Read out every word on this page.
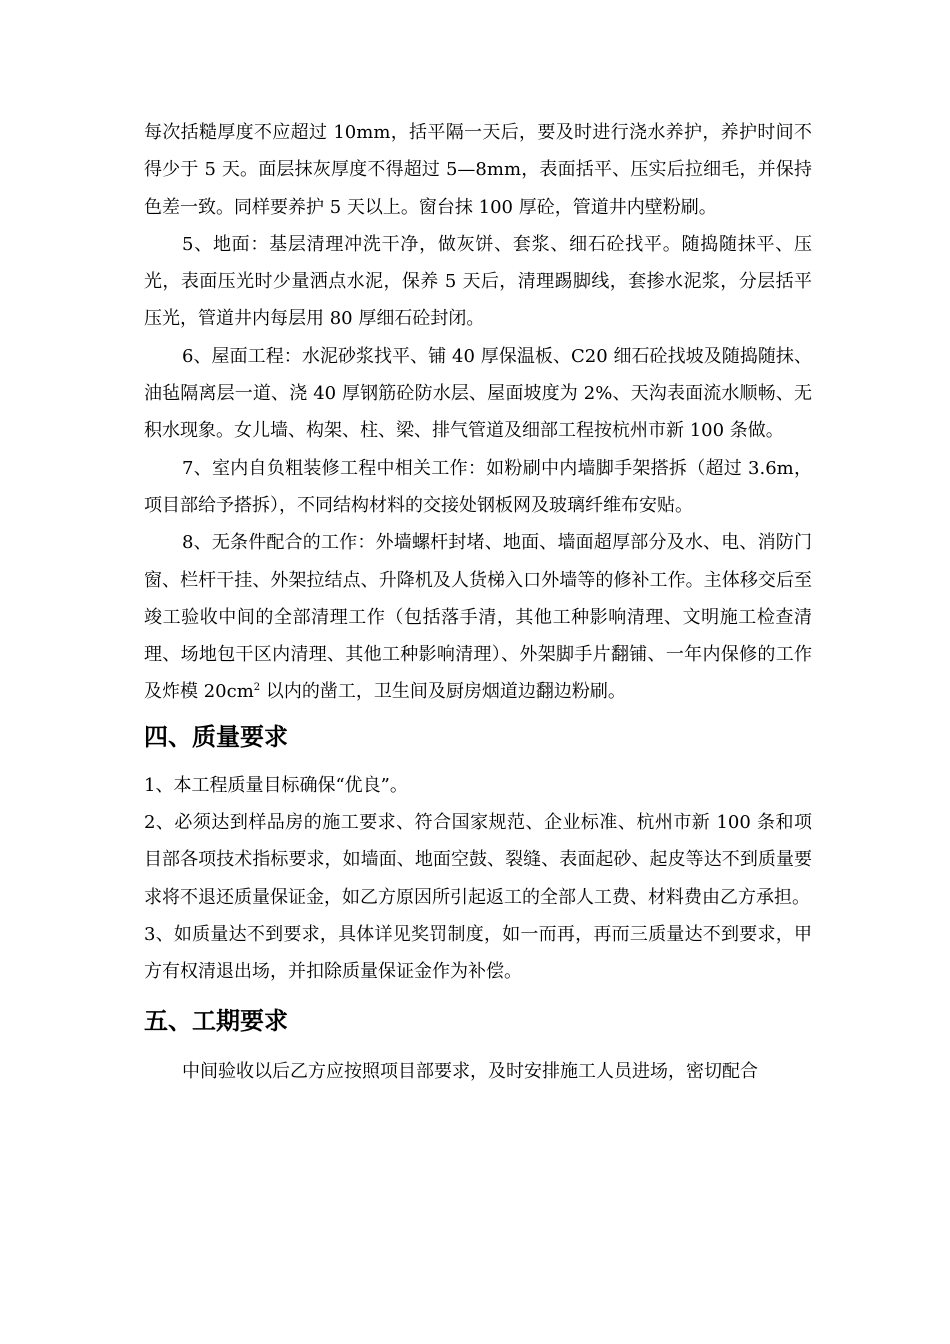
每次括糙厚度不应超过 10mm，括平隔一天后，要及时进行浇水养护，养护时间不得少于 5 天。面层抹灰厚度不得超过 5—8mm，表面括平、压实后拉细毛，并保持色差一致。同样要养护 5 天以上。窗台抹 100 厚砼，管道井内壁粉刷。

5、地面：基层清理冲洗干净，做灰饼、套浆、细石砼找平。随捣随抹平、压光，表面压光时少量洒点水泥，保养 5 天后，清理踢脚线，套掺水泥浆，分层括平压光，管道井内每层用 80 厚细石砼封闭。

6、屋面工程：水泥砂浆找平、铺 40 厚保温板、C20 细石砼找坡及随捣随抹、油毡隔离层一道、浇 40 厚钢筋砼防水层、屋面坡度为 2%、天沟表面流水顺畅、无积水现象。女儿墙、构架、柱、梁、排气管道及细部工程按杭州市新 100 条做。

7、室内自负粗装修工程中相关工作：如粉刷中内墙脚手架搭拆（超过 3.6m，项目部给予搭拆），不同结构材料的交接处钢板网及玻璃纤维布安贴。

8、无条件配合的工作：外墙螺杆封堵、地面、墙面超厚部分及水、电、消防门窗、栏杆干挂、外架拉结点、升降机及人货梯入口外墙等的修补工作。主体移交后至竣工验收中间的全部清理工作（包括落手清，其他工种影响清理、文明施工检查清理、场地包干区内清理、其他工种影响清理）、外架脚手片翻铺、一年内保修的工作及炸模 $20cm^2$ 以内的凿工，卫生间及厨房烟道边翻边粉刷。

四、质量要求

1、本工程质量目标确保“优良”。

2、必须达到样品房的施工要求、符合国家规范、企业标准、杭州市新 100 条和项目部各项技术指标要求，如墙面、地面空鼓、裂缝、表面起砂、起皮等达不到质量要求将不退还质量保证金，如乙方原因所引起返工的全部人工费、材料费由乙方承担。

3、如质量达不到要求，具体详见奖罚制度，如一而再，再而三质量达不到要求，甲方有权清退出场，并扣除质量保证金作为补偿。

五、工期要求

中间验收以后乙方应按照项目部要求，及时安排施工人员进场，密切配合
